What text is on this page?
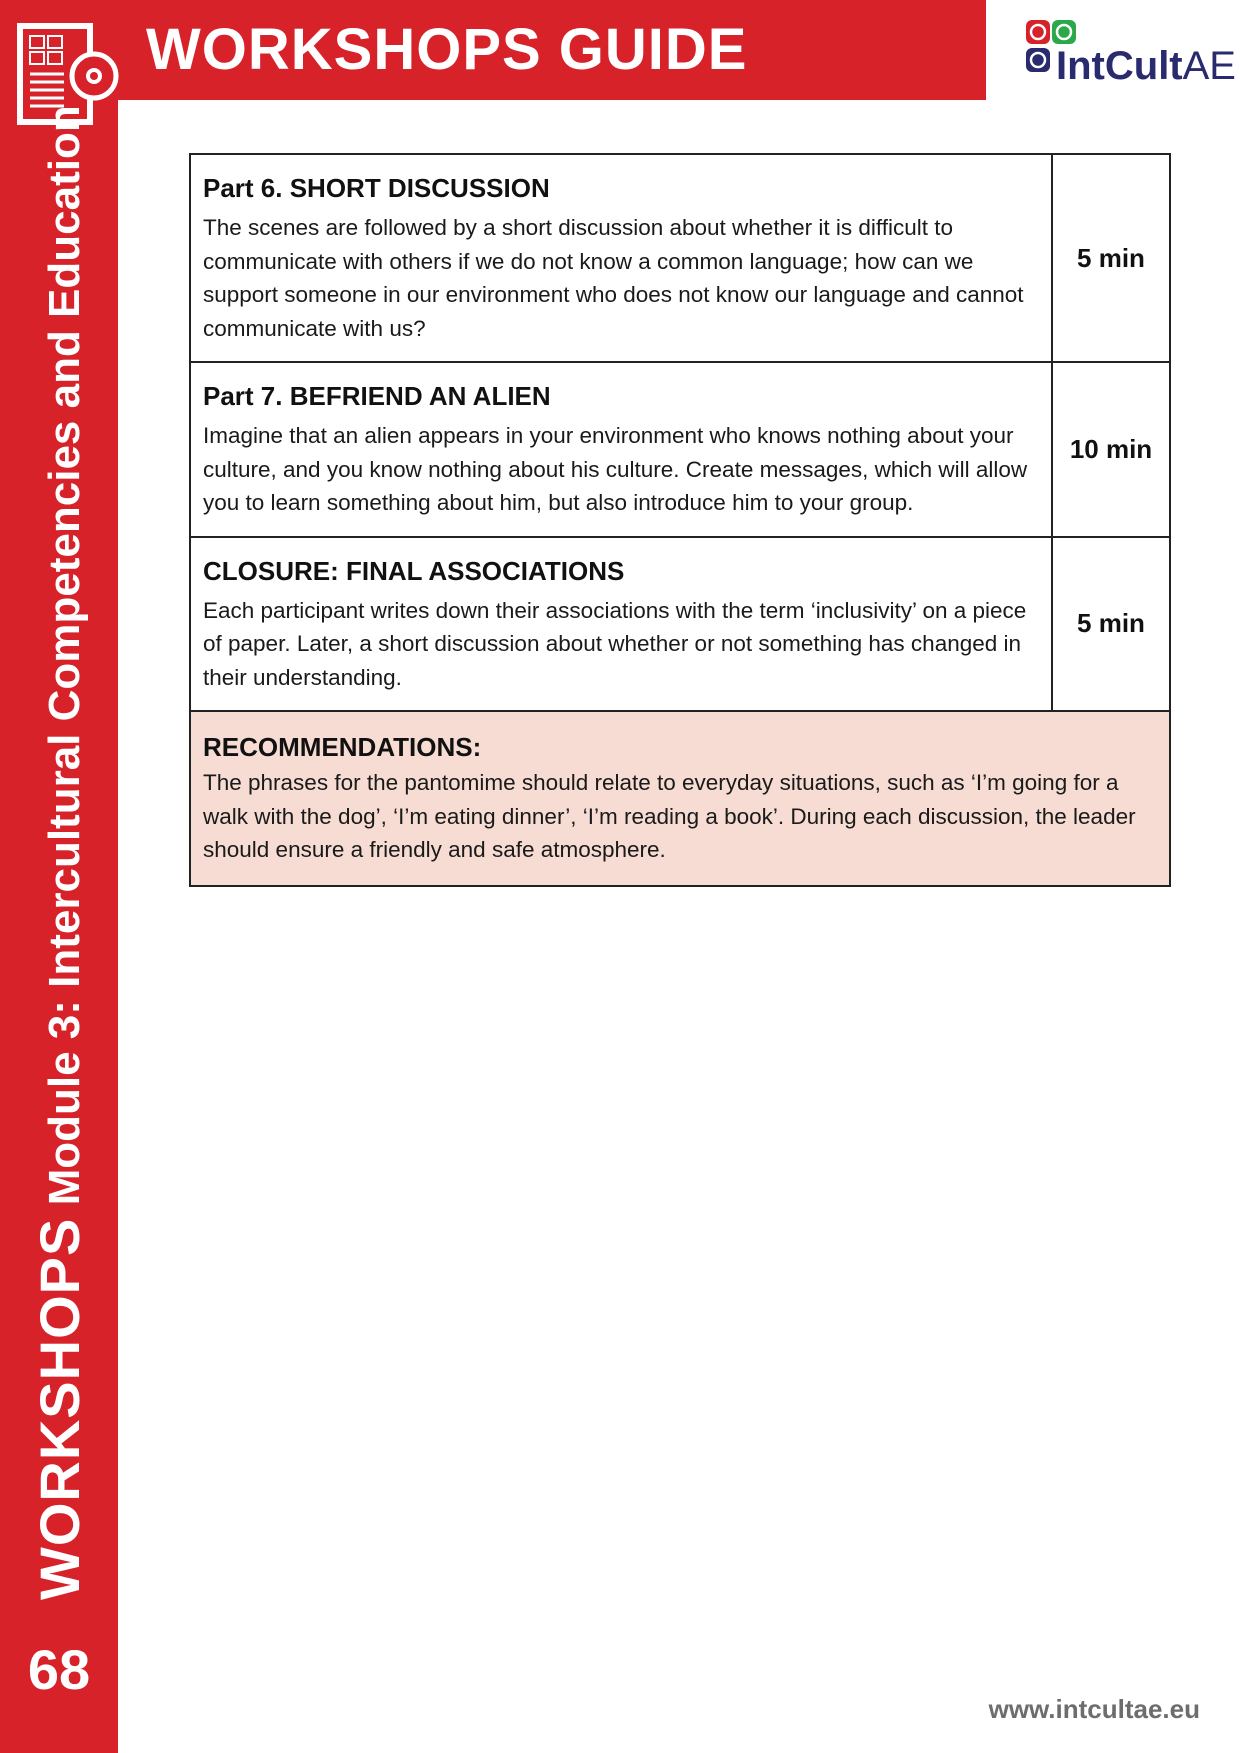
WORKSHOPS GUIDE
WORKSHOPS Module 3: Intercultural Competencies and Education
68
IntCultAE

Part 6. SHORT DISCUSSION

The scenes are followed by a short discussion about whether it is difficult to communicate with others if we do not know a common language; how can we support someone in our environment who does not know our language and cannot communicate with us?

5 min

Part 7. BEFRIEND AN ALIEN

Imagine that an alien appears in your environment who knows nothing about your culture, and you know nothing about his culture. Create messages, which will allow you to learn something about him, but also introduce him to your group.

10 min

CLOSURE: FINAL ASSOCIATIONS

Each participant writes down their associations with the term ‘inclusivity’ on a piece of paper. Later, a short discussion about whether or not something has changed in their understanding.

5 min

RECOMMENDATIONS:

The phrases for the pantomime should relate to everyday situations, such as ‘I’m going for a walk with the dog’, ‘I’m eating dinner’, ‘I’m reading a book’. During each discussion, the leader should ensure a friendly and safe atmosphere.

www.intcultae.eu
